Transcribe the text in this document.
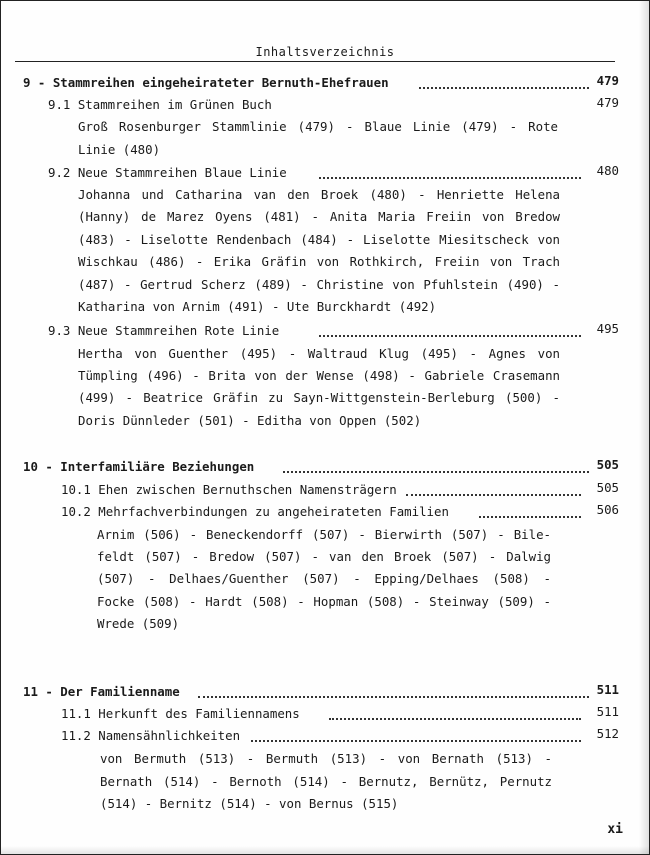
Inhaltsverzeichnis
9 - Stammreihen eingeheirateter Bernuth-Ehefrauen	479
9.1 Stammreihen im Grünen Buch	479
Groß Rosenburger Stammlinie (479) - Blaue Linie (479) - Rote
Linie (480)
9.2 Neue Stammreihen Blaue Linie	480
Johanna und Catharina van den Broek (480) - Henriette Helena
(Hanny) de Marez Oyens (481) - Anita Maria Freiin von Bredow
(483) - Liselotte Rendenbach (484) - Liselotte Miesitscheck von
Wischkau (486) - Erika Gräfin von Rothkirch, Freiin von Trach
(487) - Gertrud Scherz (489) - Christine von Pfuhlstein (490) -
Katharina von Arnim (491) - Ute Burckhardt (492)
9.3 Neue Stammreihen Rote Linie	495
Hertha von Guenther (495) - Waltraud Klug (495) - Agnes von
Tümpling (496) - Brita von der Wense (498) - Gabriele Crasemann
(499) - Beatrice Gräfin zu Sayn-Wittgenstein-Berleburg (500) -
Doris Dünnleder (501) - Editha von Oppen (502)
10 - Interfamiliäre Beziehungen	505
10.1 Ehen zwischen Bernuthschen Namensträgern	505
10.2 Mehrfachverbindungen zu angeheirateten Familien	506
Arnim (506) - Beneckendorff (507) - Bierwirth (507) - Bile-
feldt (507) - Bredow (507) - van den Broek (507) - Dalwig
(507) - Delhaes/Guenther (507) - Epping/Delhaes (508) -
Focke (508) - Hardt (508) - Hopman (508) - Steinway (509) -
Wrede (509)
11 - Der Familienname	511
11.1 Herkunft des Familiennamens	511
11.2 Namensähnlichkeiten	512
von Bermuth (513) - Bermuth (513) - von Bernath (513) -
Bernath (514) - Bernoth (514) - Bernutz, Bernütz, Pernutz
(514) - Bernitz (514) - von Bernus (515)
xi
